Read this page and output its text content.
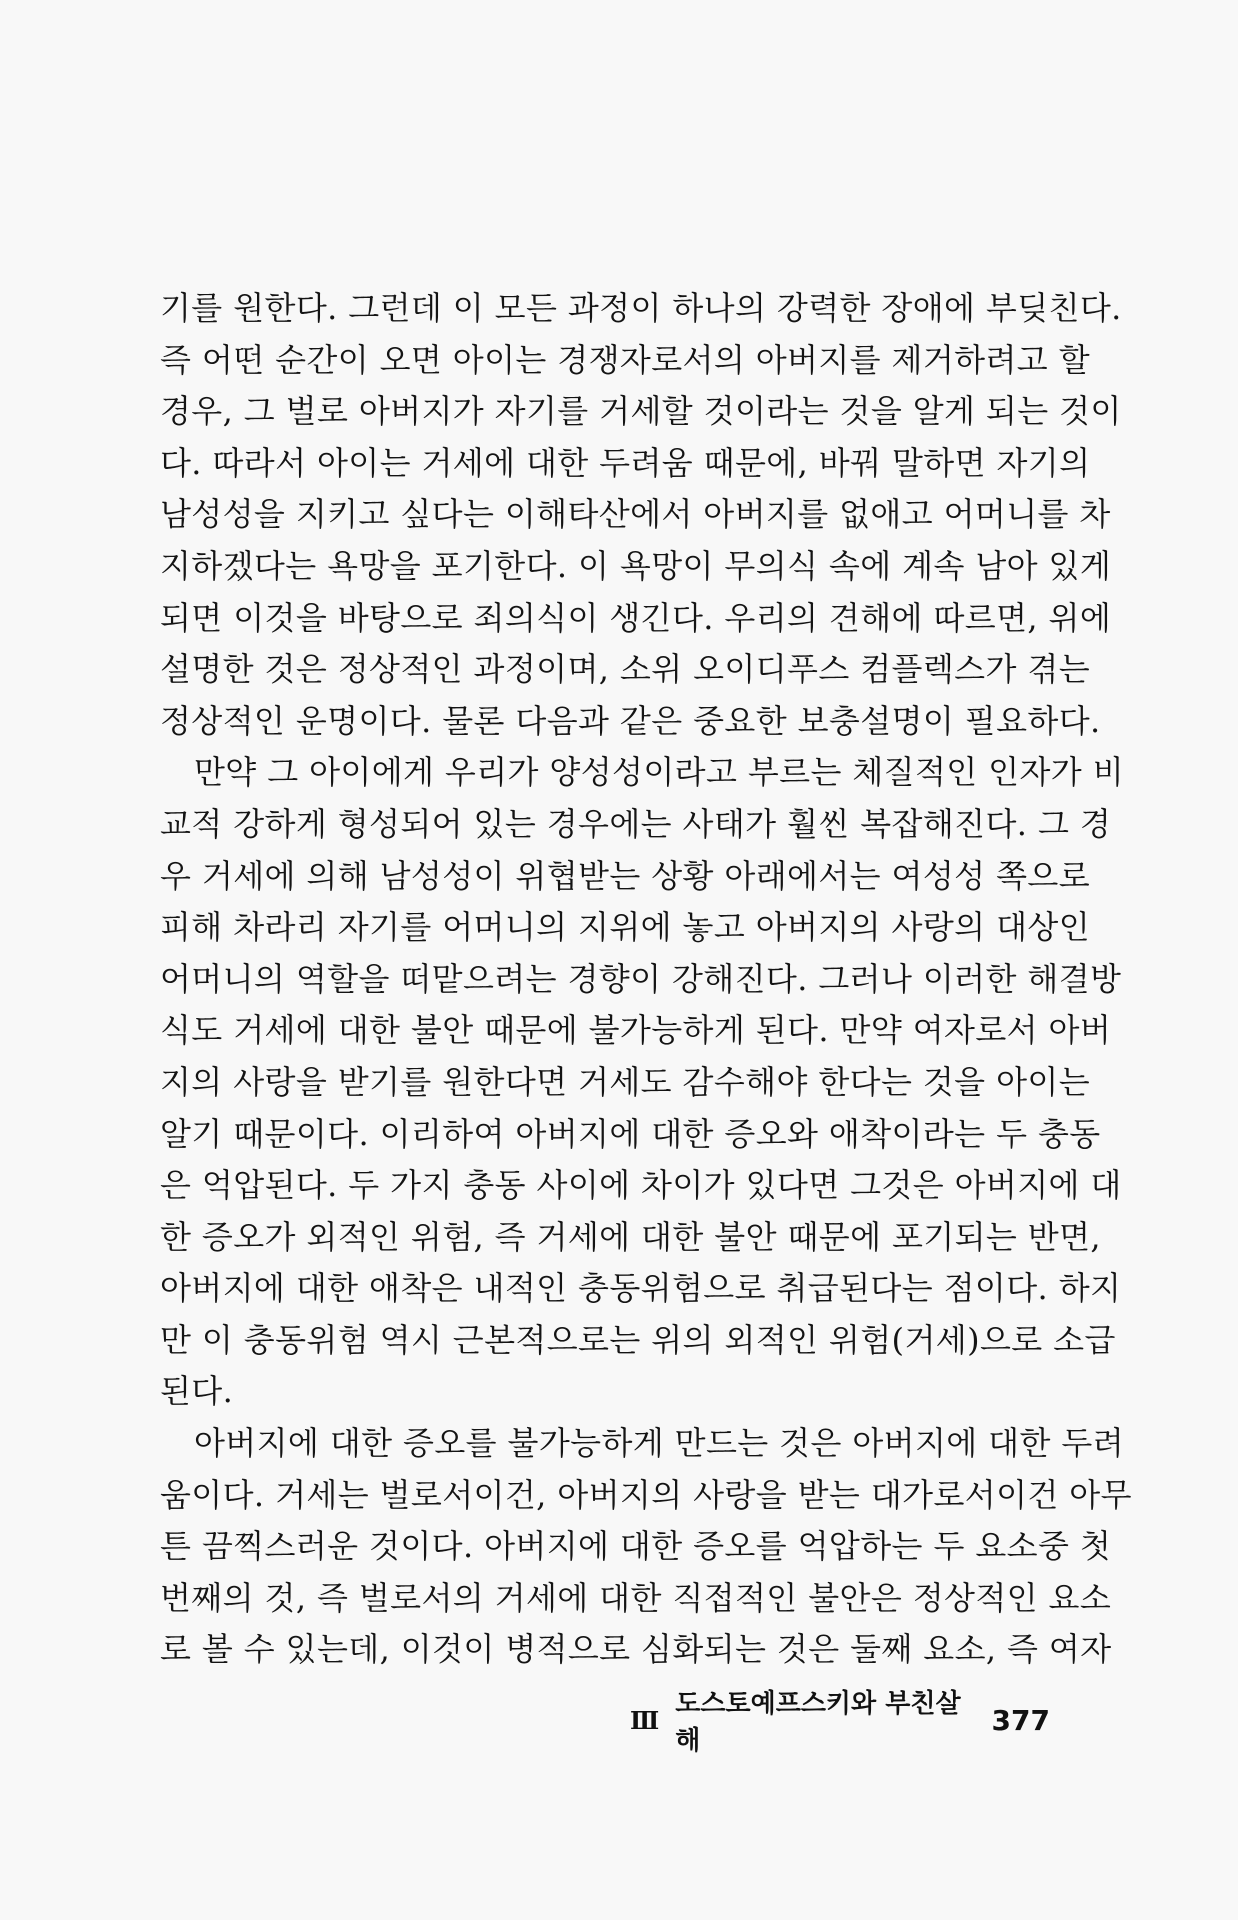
기를 원한다. 그런데 이 모든 과정이 하나의 강력한 장애에 부딪친다.
즉 어떤 순간이 오면 아이는 경쟁자로서의 아버지를 제거하려고 할
경우, 그 벌로 아버지가 자기를 거세할 것이라는 것을 알게 되는 것이
다. 따라서 아이는 거세에 대한 두려움 때문에, 바꿔 말하면 자기의
남성성을 지키고 싶다는 이해타산에서 아버지를 없애고 어머니를 차
지하겠다는 욕망을 포기한다. 이 욕망이 무의식 속에 계속 남아 있게
되면 이것을 바탕으로 죄의식이 생긴다. 우리의 견해에 따르면, 위에
설명한 것은 정상적인 과정이며, 소위 오이디푸스 컴플렉스가 겪는
정상적인 운명이다. 물론 다음과 같은 중요한 보충설명이 필요하다.
만약 그 아이에게 우리가 양성성이라고 부르는 체질적인 인자가 비
교적 강하게 형성되어 있는 경우에는 사태가 훨씬 복잡해진다. 그 경
우 거세에 의해 남성성이 위협받는 상황 아래에서는 여성성 쪽으로
피해 차라리 자기를 어머니의 지위에 놓고 아버지의 사랑의 대상인
어머니의 역할을 떠맡으려는 경향이 강해진다. 그러나 이러한 해결방
식도 거세에 대한 불안 때문에 불가능하게 된다. 만약 여자로서 아버
지의 사랑을 받기를 원한다면 거세도 감수해야 한다는 것을 아이는
알기 때문이다. 이리하여 아버지에 대한 증오와 애착이라는 두 충동
은 억압된다. 두 가지 충동 사이에 차이가 있다면 그것은 아버지에 대
한 증오가 외적인 위험, 즉 거세에 대한 불안 때문에 포기되는 반면,
아버지에 대한 애착은 내적인 충동위험으로 취급된다는 점이다. 하지
만 이 충동위험 역시 근본적으로는 위의 외적인 위험(거세)으로 소급
된다.
아버지에 대한 증오를 불가능하게 만드는 것은 아버지에 대한 두려
움이다. 거세는 벌로서이건, 아버지의 사랑을 받는 대가로서이건 아무
튼 끔찍스러운 것이다. 아버지에 대한 증오를 억압하는 두 요소중 첫
번째의 것, 즉 벌로서의 거세에 대한 직접적인 불안은 정상적인 요소
로 볼 수 있는데, 이것이 병적으로 심화되는 것은 둘째 요소, 즉 여자
Ⅲ
도스토예프스키와 부친살해
377
